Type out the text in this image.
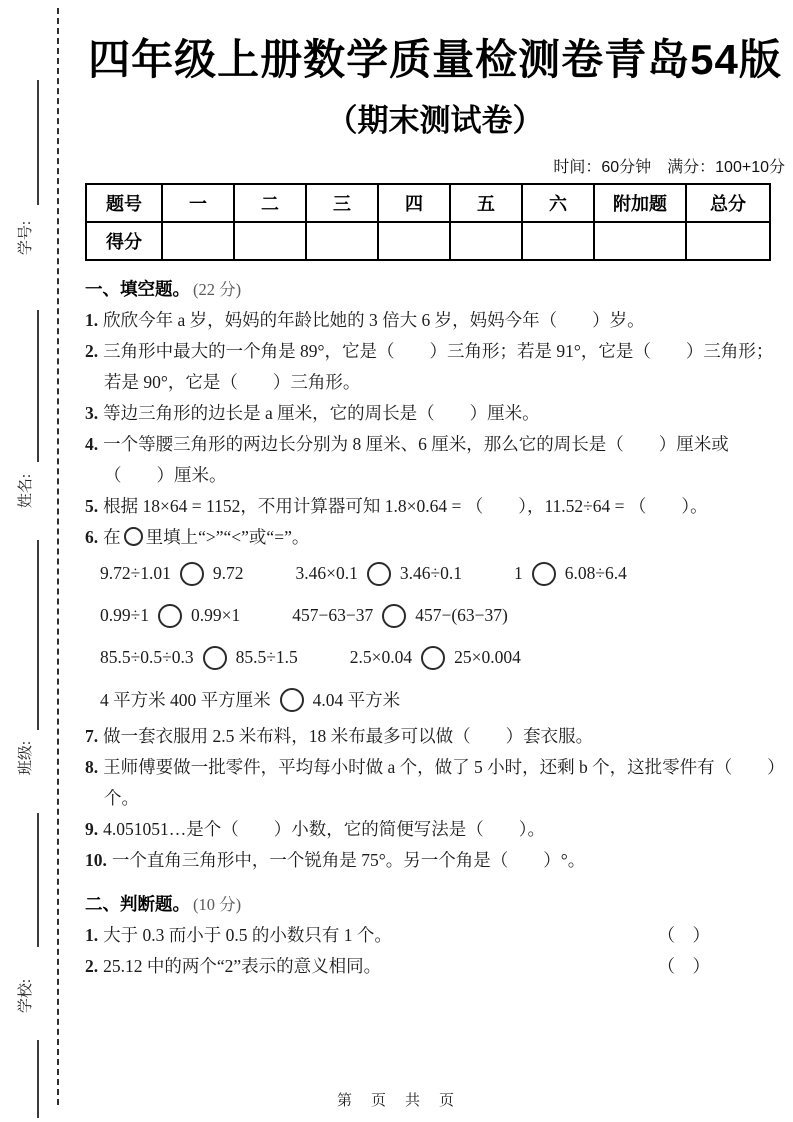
学号:
姓名:
班级:
学校:
四年级上册数学质量检测卷青岛54版
（期末测试卷）
时间：60分钟　满分：100+10分
题号	一	二	三	四	五	六	附加题	总分
得分								
一、填空题。 (22 分)
1. 欣欣今年 a 岁，妈妈的年龄比她的 3 倍大 6 岁，妈妈今年（　　）岁。
2. 三角形中最大的一个角是 89°，它是（　　）三角形；若是 91°，它是（　　）三角形；若是 90°，它是（　　）三角形。
3. 等边三角形的边长是 a 厘米，它的周长是（　　）厘米。
4. 一个等腰三角形的两边长分别为 8 厘米、6 厘米，那么它的周长是（　　）厘米或（　　）厘米。
5. 根据 18×64 = 1152，不用计算器可知 1.8×0.64 = （　　），11.52÷64 = （　　）。
6. 在 里填上“>”“<”或“=”。
9.72÷1.01 9.72	3.46×0.1 3.46÷0.1	1 6.08÷6.4
0.99÷1 0.99×1	457−63−37 457−(63−37)
85.5÷0.5÷0.3 85.5÷1.5	2.5×0.04 25×0.004
4 平方米 400 平方厘米 4.04 平方米
7. 做一套衣服用 2.5 米布料，18 米布最多可以做（　　）套衣服。
8. 王师傅要做一批零件，平均每小时做 a 个，做了 5 小时，还剩 b 个，这批零件有（　　）个。
9. 4.051051…是个（　　）小数，它的简便写法是（　　）。
10. 一个直角三角形中，一个锐角是 75°。另一个角是（　　）°。
二、判断题。 (10 分)
1. 大于 0.3 而小于 0.5 的小数只有 1 个。	（　）
2. 25.12 中的两个“2”表示的意义相同。	（　）
第　页　共　页
